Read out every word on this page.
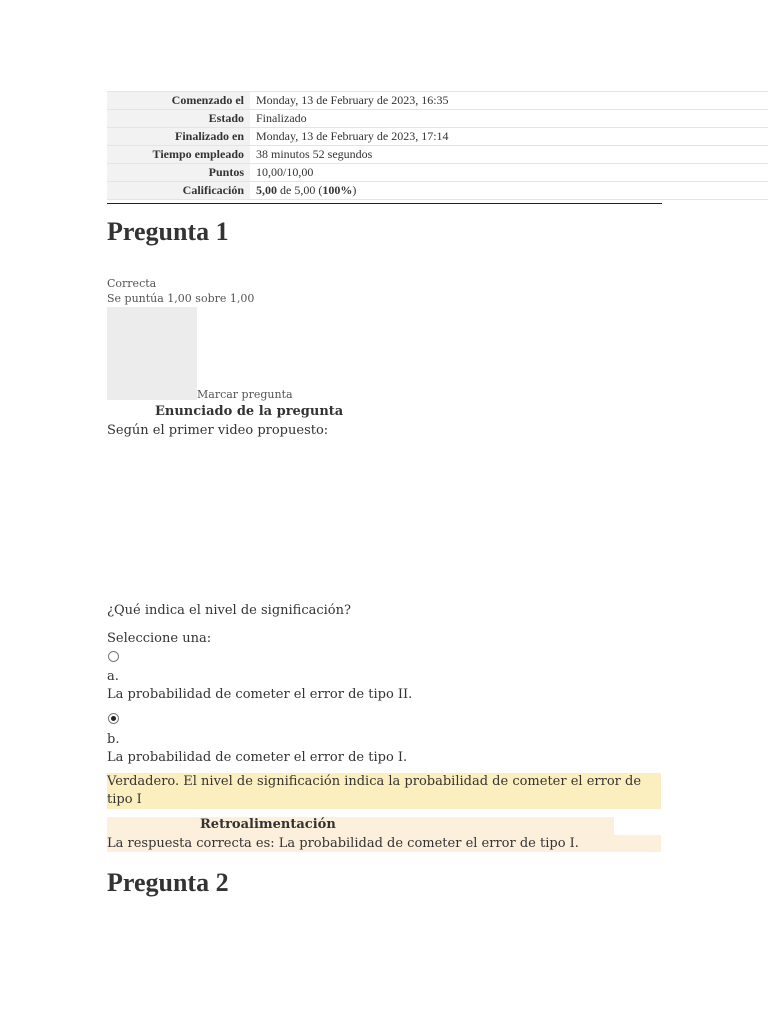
Comenzado el	Monday, 13 de February de 2023, 16:35
Estado	Finalizado
Finalizado en	Monday, 13 de February de 2023, 17:14
Tiempo empleado	38 minutos 52 segundos
Puntos	10,00/10,00
Calificación	5,00 de 5,00 (100%)
Pregunta 1
Correcta
Se puntúa 1,00 sobre 1,00
Marcar pregunta
Enunciado de la pregunta
Según el primer video propuesto:
¿Qué indica el nivel de significación?
Seleccione una:
a.
La probabilidad de cometer el error de tipo II.
b.
La probabilidad de cometer el error de tipo I.
Verdadero. El nivel de significación indica la probabilidad de cometer el error de tipo I
Retroalimentación
La respuesta correcta es: La probabilidad de cometer el error de tipo I.
Pregunta 2
